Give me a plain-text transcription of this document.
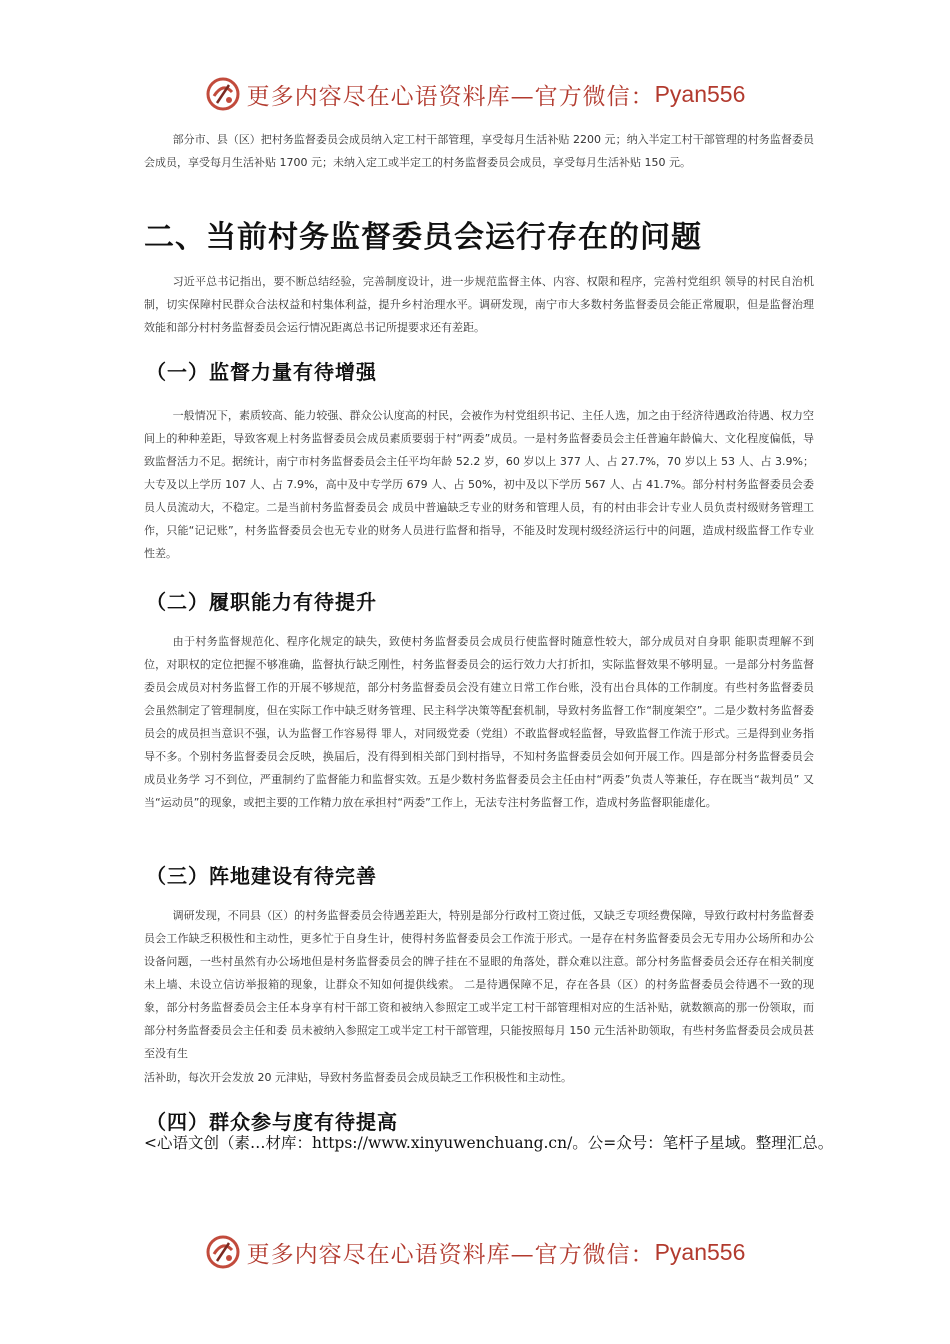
更多内容尽在心语资料库—官方微信： Pyan556

部分市、县（区）把村务监督委员会成员纳入定工村干部管理，享受每月生活补贴 2200 元；纳入半定工村干部管理的村务监督委员会成员，享受每月生活补贴 1700 元；未纳入定工或半定工的村务监督委员会成员，享受每月生活补贴 150 元。

二、当前村务监督委员会运行存在的问题

习近平总书记指出，要不断总结经验，完善制度设计，进一步规范监督主体、内容、权限和程序，完善村党组织 领导的村民自治机制，切实保障村民群众合法权益和村集体利益，提升乡村治理水平。调研发现，南宁市大多数村务监督委员会能正常履职，但是监督治理效能和部分村村务监督委员会运行情况距离总书记所提要求还有差距。

（一）监督力量有待增强

一般情况下，素质较高、能力较强、群众公认度高的村民，会被作为村党组织书记、主任人选，加之由于经济待遇政治待遇、权力空间上的种种差距，导致客观上村务监督委员会成员素质要弱于村“两委”成员。一是村务监督委员会主任普遍年龄偏大、文化程度偏低，导致监督活力不足。据统计，南宁市村务监督委员会主任平均年龄 52.2 岁，60 岁以上 377 人、占 27.7%，70 岁以上 53 人、占 3.9%；大专及以上学历 107 人、占 7.9%，高中及中专学历 679 人、占 50%，初中及以下学历 567 人、占 41.7%。部分村村务监督委员会委员人员流动大，不稳定。二是当前村务监督委员会 成员中普遍缺乏专业的财务和管理人员，有的村由非会计专业人员负责村级财务管理工作，只能“记记账”，村务监督委员会也无专业的财务人员进行监督和指导，不能及时发现村级经济运行中的问题，造成村级监督工作专业性差。

（二）履职能力有待提升

由于村务监督规范化、程序化规定的缺失，致使村务监督委员会成员行使监督时随意性较大，部分成员对自身职 能职责理解不到位，对职权的定位把握不够准确，监督执行缺乏刚性，村务监督委员会的运行效力大打折扣，实际监督效果不够明显。一是部分村务监督委员会成员对村务监督工作的开展不够规范，部分村务监督委员会没有建立日常工作台账，没有出台具体的工作制度。有些村务监督委员会虽然制定了管理制度，但在实际工作中缺乏财务管理、民主科学决策等配套机制，导致村务监督工作“制度架空”。二是少数村务监督委员会的成员担当意识不强，认为监督工作容易得 罪人，对同级党委（党组）不敢监督或轻监督，导致监督工作流于形式。三是得到业务指导不多。个别村务监督委员会反映，换届后，没有得到相关部门到村指导，不知村务监督委员会如何开展工作。四是部分村务监督委员会成员业务学 习不到位，严重制约了监督能力和监督实效。五是少数村务监督委员会主任由村“两委”负责人等兼任，存在既当“裁判员” 又当“运动员”的现象，或把主要的工作精力放在承担村“两委”工作上，无法专注村务监督工作，造成村务监督职能虚化。

（三）阵地建设有待完善

调研发现，不同县（区）的村务监督委员会待遇差距大，特别是部分行政村工资过低，又缺乏专项经费保障，导致行政村村务监督委员会工作缺乏积极性和主动性，更多忙于自身生计，使得村务监督委员会工作流于形式。一是存在村务监督委员会无专用办公场所和办公设备问题，一些村虽然有办公场地但是村务监督委员会的牌子挂在不显眼的角落处，群众难以注意。部分村务监督委员会还存在相关制度未上墙、未设立信访举报箱的现象，让群众不知如何提供线索。 二是待遇保障不足，存在各县（区）的村务监督委员会待遇不一致的现象，部分村务监督委员会主任本身享有村干部工资和被纳入参照定工或半定工村干部管理相对应的生活补贴，就数额高的那一份领取，而部分村务监督委员会主任和委 员未被纳入参照定工或半定工村干部管理，只能按照每月 150 元生活补助领取，有些村务监督委员会成员甚至没有生

活补助，每次开会发放 20 元津贴，导致村务监督委员会成员缺乏工作积极性和主动性。

（四）群众参与度有待提高

<心语文创（素…材库：https://www.xinyuwenchuang.cn/。公=众号：笔杆子星域。整理汇总。

更多内容尽在心语资料库—官方微信： Pyan556
